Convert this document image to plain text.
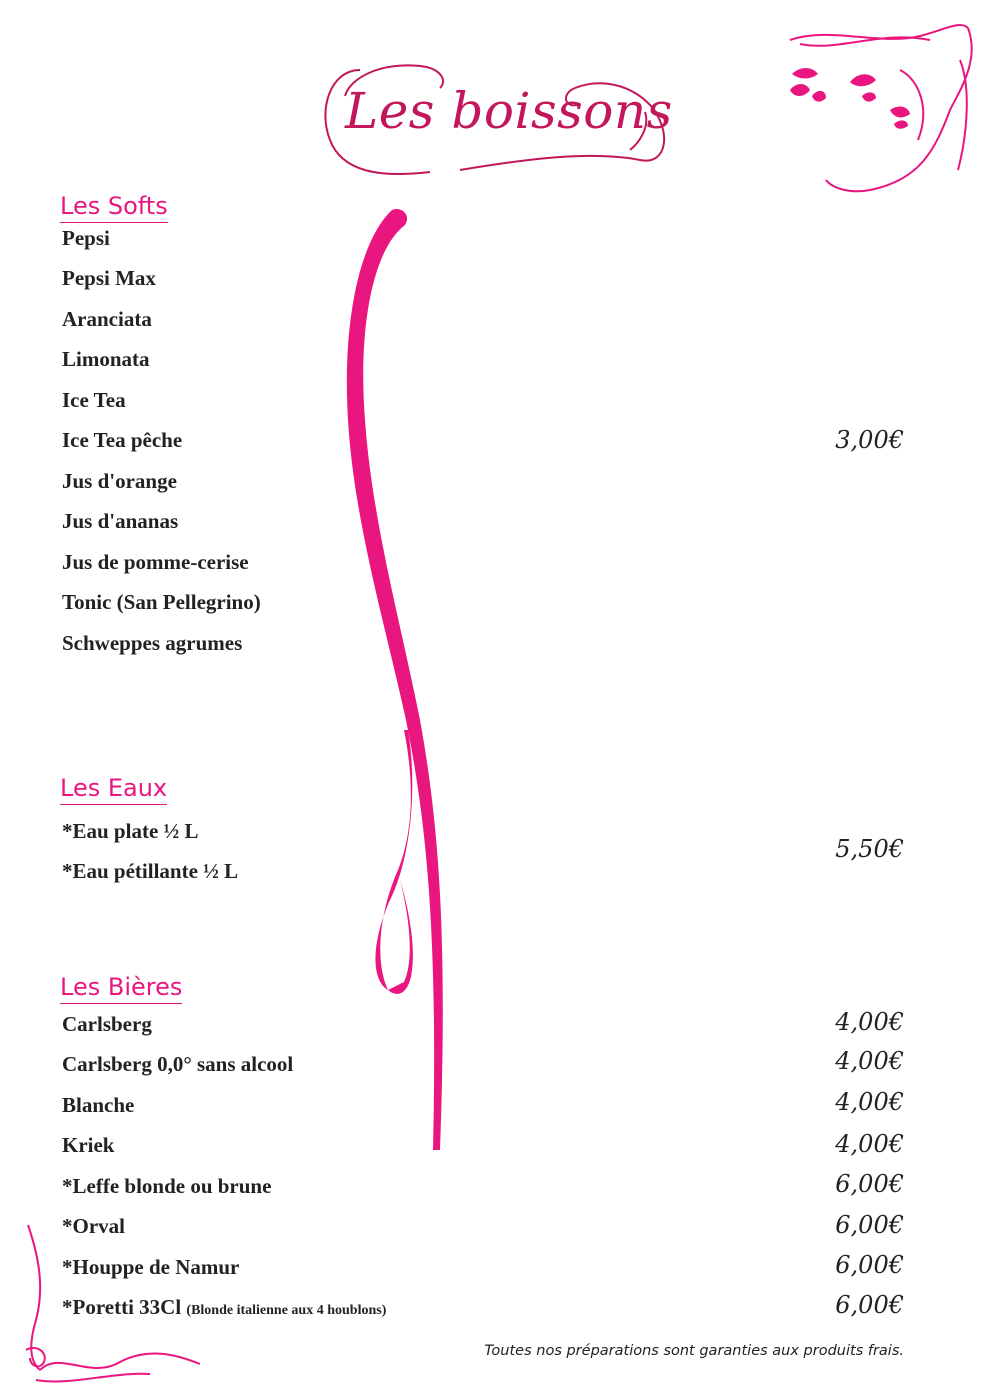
Les boissons
Les Softs
Pepsi
Pepsi Max
Aranciata
Limonata
Ice Tea
Ice Tea pêche
Jus d'orange
Jus d'ananas
Jus de pomme-cerise
Tonic (San Pellegrino)
Schweppes agrumes
3,00€
Les Eaux
*Eau plate ½ L
*Eau pétillante ½ L
5,50€
Les Bières
Carlsberg	4,00€
Carlsberg 0,0° sans alcool	4,00€
Blanche	4,00€
Kriek	4,00€
*Leffe blonde ou brune	6,00€
*Orval	6,00€
*Houppe de Namur	6,00€
*Poretti 33Cl (Blonde italienne aux 4 houblons)	6,00€
Toutes nos préparations sont garanties aux produits frais.
